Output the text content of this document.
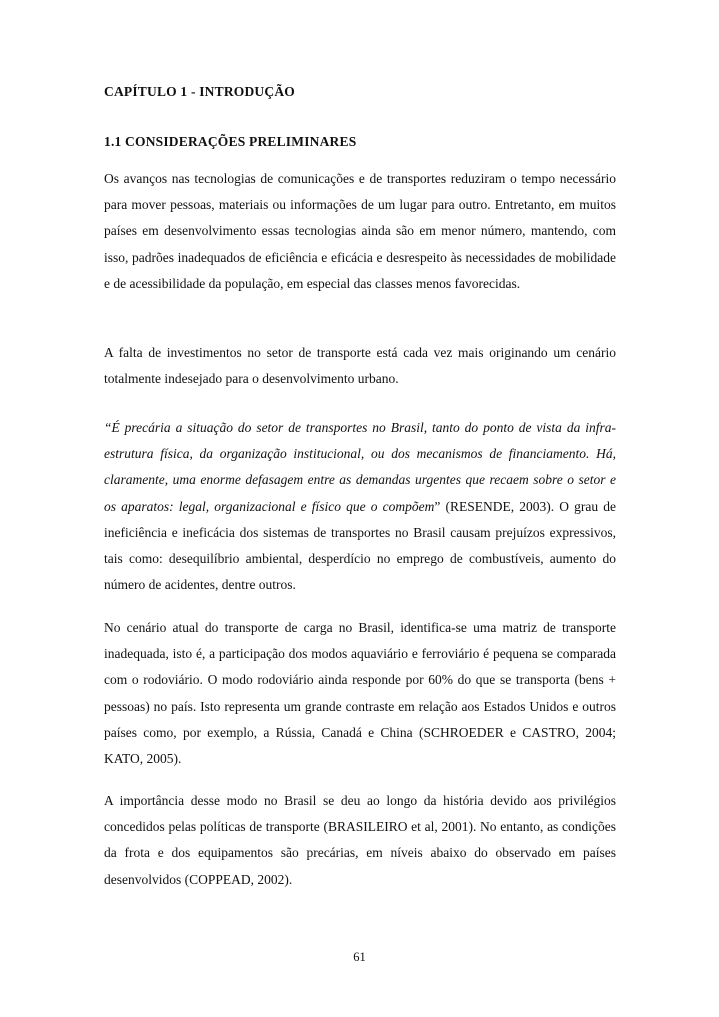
CAPÍTULO 1 - INTRODUÇÃO
1.1 CONSIDERAÇÕES PRELIMINARES

Os avanços nas tecnologias de comunicações e de transportes reduziram o tempo necessário para mover pessoas, materiais ou informações de um lugar para outro. Entretanto, em muitos países em desenvolvimento essas tecnologias ainda são em menor número, mantendo, com isso, padrões inadequados de eficiência e eficácia e desrespeito às necessidades de mobilidade e de acessibilidade da população, em especial das classes menos favorecidas.

A falta de investimentos no setor de transporte está cada vez mais originando um cenário totalmente indesejado para o desenvolvimento urbano.

“É precária a situação do setor de transportes no Brasil, tanto do ponto de vista da infra-estrutura física, da organização institucional, ou dos mecanismos de financiamento. Há, claramente, uma enorme defasagem entre as demandas urgentes que recaem sobre o setor e os aparatos: legal, organizacional e físico que o compõem” (RESENDE, 2003). O grau de ineficiência e ineficácia dos sistemas de transportes no Brasil causam prejuízos expressivos, tais como: desequilíbrio ambiental, desperdício no emprego de combustíveis, aumento do número de acidentes, dentre outros.

No cenário atual do transporte de carga no Brasil, identifica-se uma matriz de transporte inadequada, isto é, a participação dos modos aquaviário e ferroviário é pequena se comparada com o rodoviário. O modo rodoviário ainda responde por 60% do que se transporta (bens + pessoas) no país. Isto representa um grande contraste em relação aos Estados Unidos e outros países como, por exemplo, a Rússia, Canadá e China (SCHROEDER e CASTRO, 2004; KATO, 2005).

A importância desse modo no Brasil se deu ao longo da história devido aos privilégios concedidos pelas políticas de transporte (BRASILEIRO et al, 2001). No entanto, as condições da frota e dos equipamentos são precárias, em níveis abaixo do observado em países desenvolvidos (COPPEAD, 2002).

61
